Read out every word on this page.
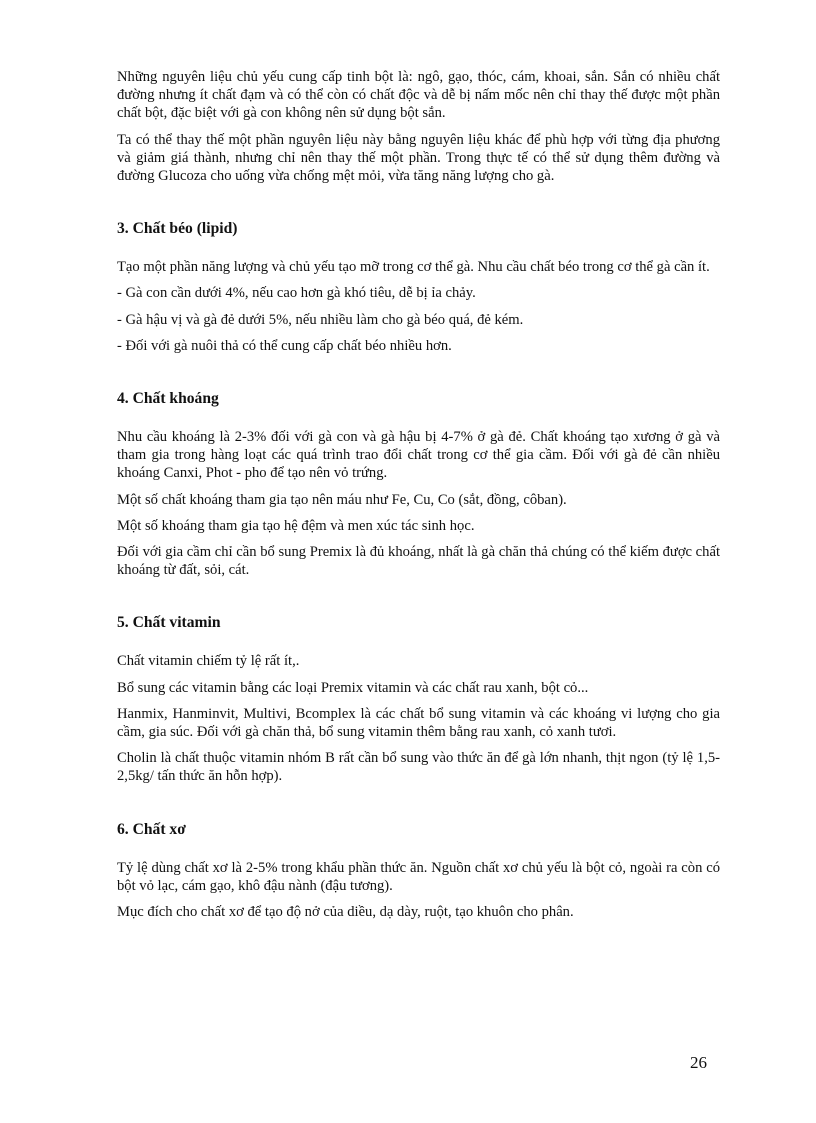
Những nguyên liệu chủ yếu cung cấp tinh bột là: ngô, gạo, thóc, cám, khoai, sắn. Sắn có nhiều chất đường nhưng ít chất đạm và có thể còn có chất độc và dễ bị nấm mốc nên chỉ thay thế được một phần chất bột, đặc biệt với gà con không nên sử dụng bột sắn.

Ta có thể thay thế một phần nguyên liệu này bằng nguyên liệu khác để phù hợp với từng địa phương và giảm giá thành, nhưng chỉ nên thay thế một phần. Trong thực tế có thể sử dụng thêm đường và đường Glucoza cho uống vừa chống mệt mỏi, vừa tăng năng lượng cho gà.

3. Chất béo (lipid)

Tạo một phần năng lượng và chủ yếu tạo mỡ trong cơ thể gà. Nhu cầu chất béo trong cơ thể gà cần ít.

- Gà con cần dưới 4%, nếu cao hơn gà khó tiêu, dễ bị ỉa chảy.

- Gà hậu vị và gà đẻ dưới 5%, nếu nhiều làm cho gà béo quá, đẻ kém.

- Đối với gà nuôi thả có thể cung cấp chất béo nhiều hơn.

4. Chất khoáng

Nhu cầu khoáng là 2-3% đối với gà con và gà hậu bị 4-7% ở gà đẻ. Chất khoáng tạo xương ở gà và tham gia trong hàng loạt các quá trình trao đổi chất trong cơ thể gia cầm. Đối với gà đẻ cần nhiều khoáng Canxi, Phot - pho để tạo nên vỏ trứng.

Một số chất khoáng tham gia tạo nên máu như Fe, Cu, Co (sắt, đồng, côban).

Một số khoáng tham gia tạo hệ đệm và men xúc tác sinh học.

Đối với gia cầm chỉ cần bổ sung Premix là đủ khoáng, nhất là gà chăn thả chúng có thể kiếm được chất khoáng từ đất, sỏi, cát.

5. Chất vitamin

Chất vitamin chiếm tỷ lệ rất ít,.

Bổ sung các vitamin bằng các loại Premix vitamin và các chất rau xanh, bột cỏ...

Hanmix, Hanminvit, Multivi, Bcomplex là các chất bổ sung vitamin và các khoáng vi lượng cho gia cầm, gia súc. Đối với gà chăn thả, bổ sung vitamin thêm bằng rau xanh, cỏ xanh tươi.

Cholin là chất thuộc vitamin nhóm B rất cần bổ sung vào thức ăn để gà lớn nhanh, thịt ngon (tỷ lệ 1,5- 2,5kg/ tấn thức ăn hỗn hợp).

6. Chất xơ

Tỷ lệ dùng chất xơ là 2-5% trong khẩu phần thức ăn. Nguồn chất xơ chủ yếu là bột cỏ, ngoài ra còn có bột vỏ lạc, cám gạo, khô đậu nành (đậu tương).

Mục đích cho chất xơ để tạo độ nở của diều, dạ dày, ruột, tạo khuôn cho phân.

26
